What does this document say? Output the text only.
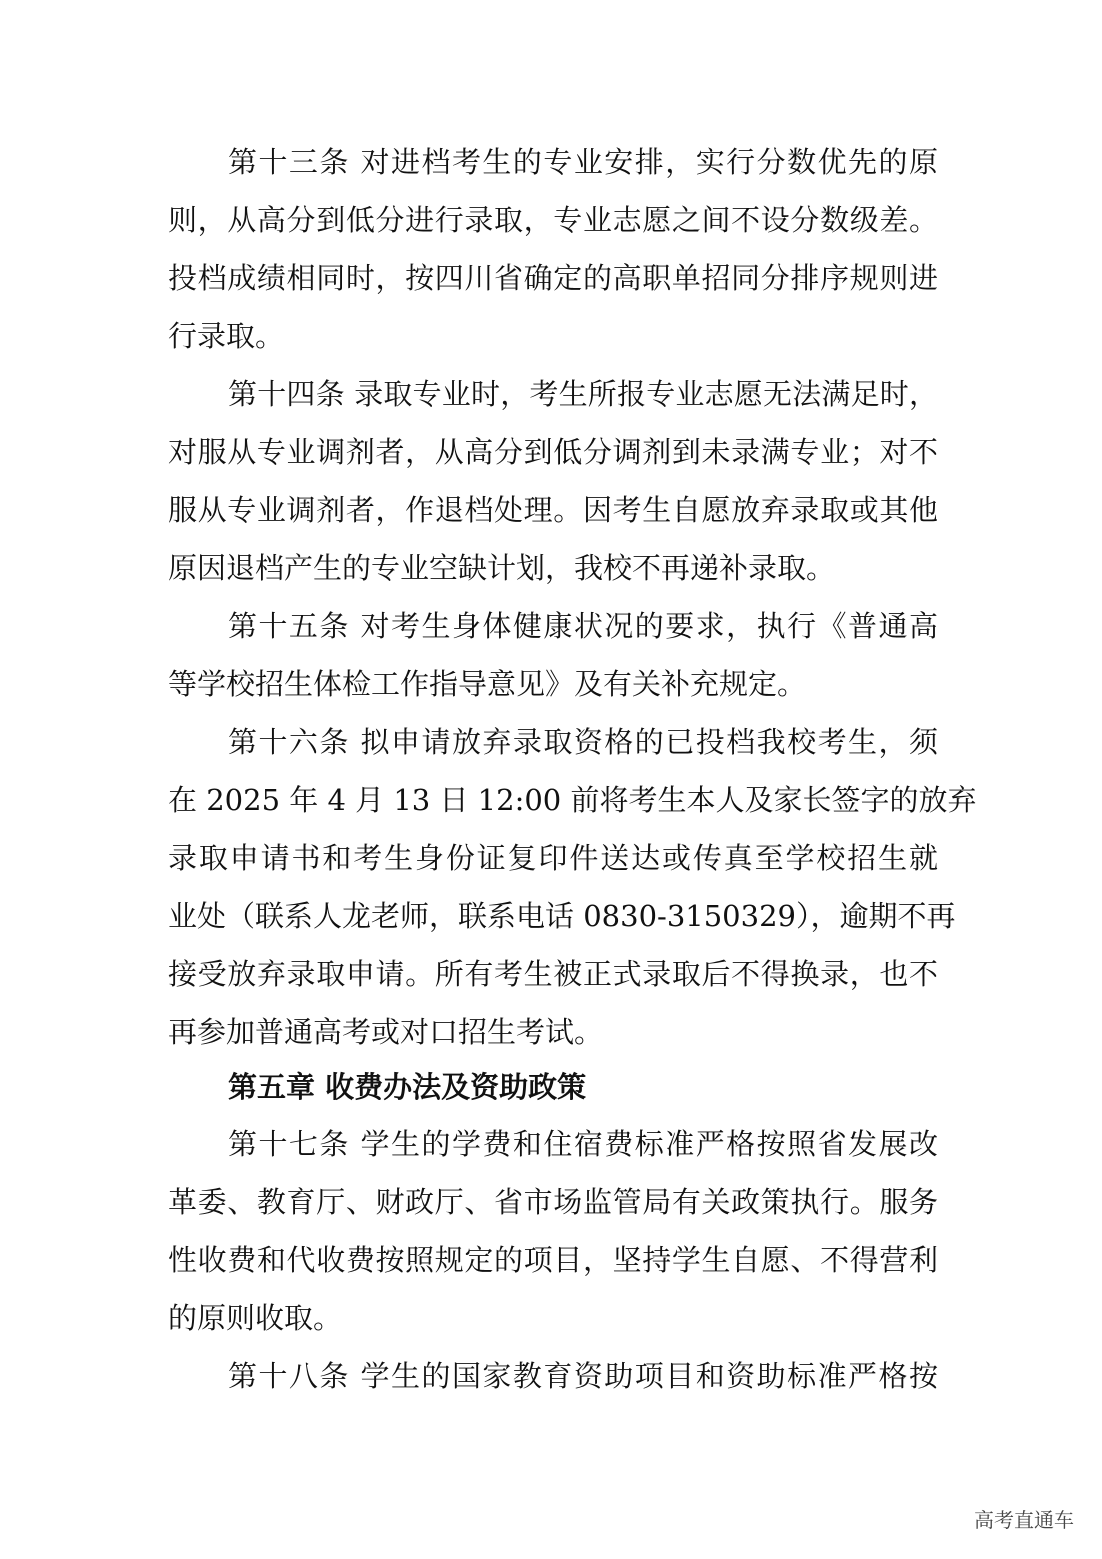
第十三条 对进档考生的专业安排，实行分数优先的原
则，从高分到低分进行录取，专业志愿之间不设分数级差。
投档成绩相同时，按四川省确定的高职单招同分排序规则进
行录取。
第十四条 录取专业时，考生所报专业志愿无法满足时，
对服从专业调剂者，从高分到低分调剂到未录满专业；对不
服从专业调剂者，作退档处理。因考生自愿放弃录取或其他
原因退档产生的专业空缺计划，我校不再递补录取。
第十五条 对考生身体健康状况的要求，执行《普通高
等学校招生体检工作指导意见》及有关补充规定。
第十六条 拟申请放弃录取资格的已投档我校考生，须
在 2025 年 4 月 13 日 12:00 前将考生本人及家长签字的放弃
录取申请书和考生身份证复印件送达或传真至学校招生就
业处（联系人龙老师，联系电话 0830-3150329），逾期不再
接受放弃录取申请。所有考生被正式录取后不得换录，也不
再参加普通高考或对口招生考试。
第五章 收费办法及资助政策
第十七条 学生的学费和住宿费标准严格按照省发展改
革委、教育厅、财政厅、省市场监管局有关政策执行。服务
性收费和代收费按照规定的项目，坚持学生自愿、不得营利
的原则收取。
第十八条 学生的国家教育资助项目和资助标准严格按
高考直通车
